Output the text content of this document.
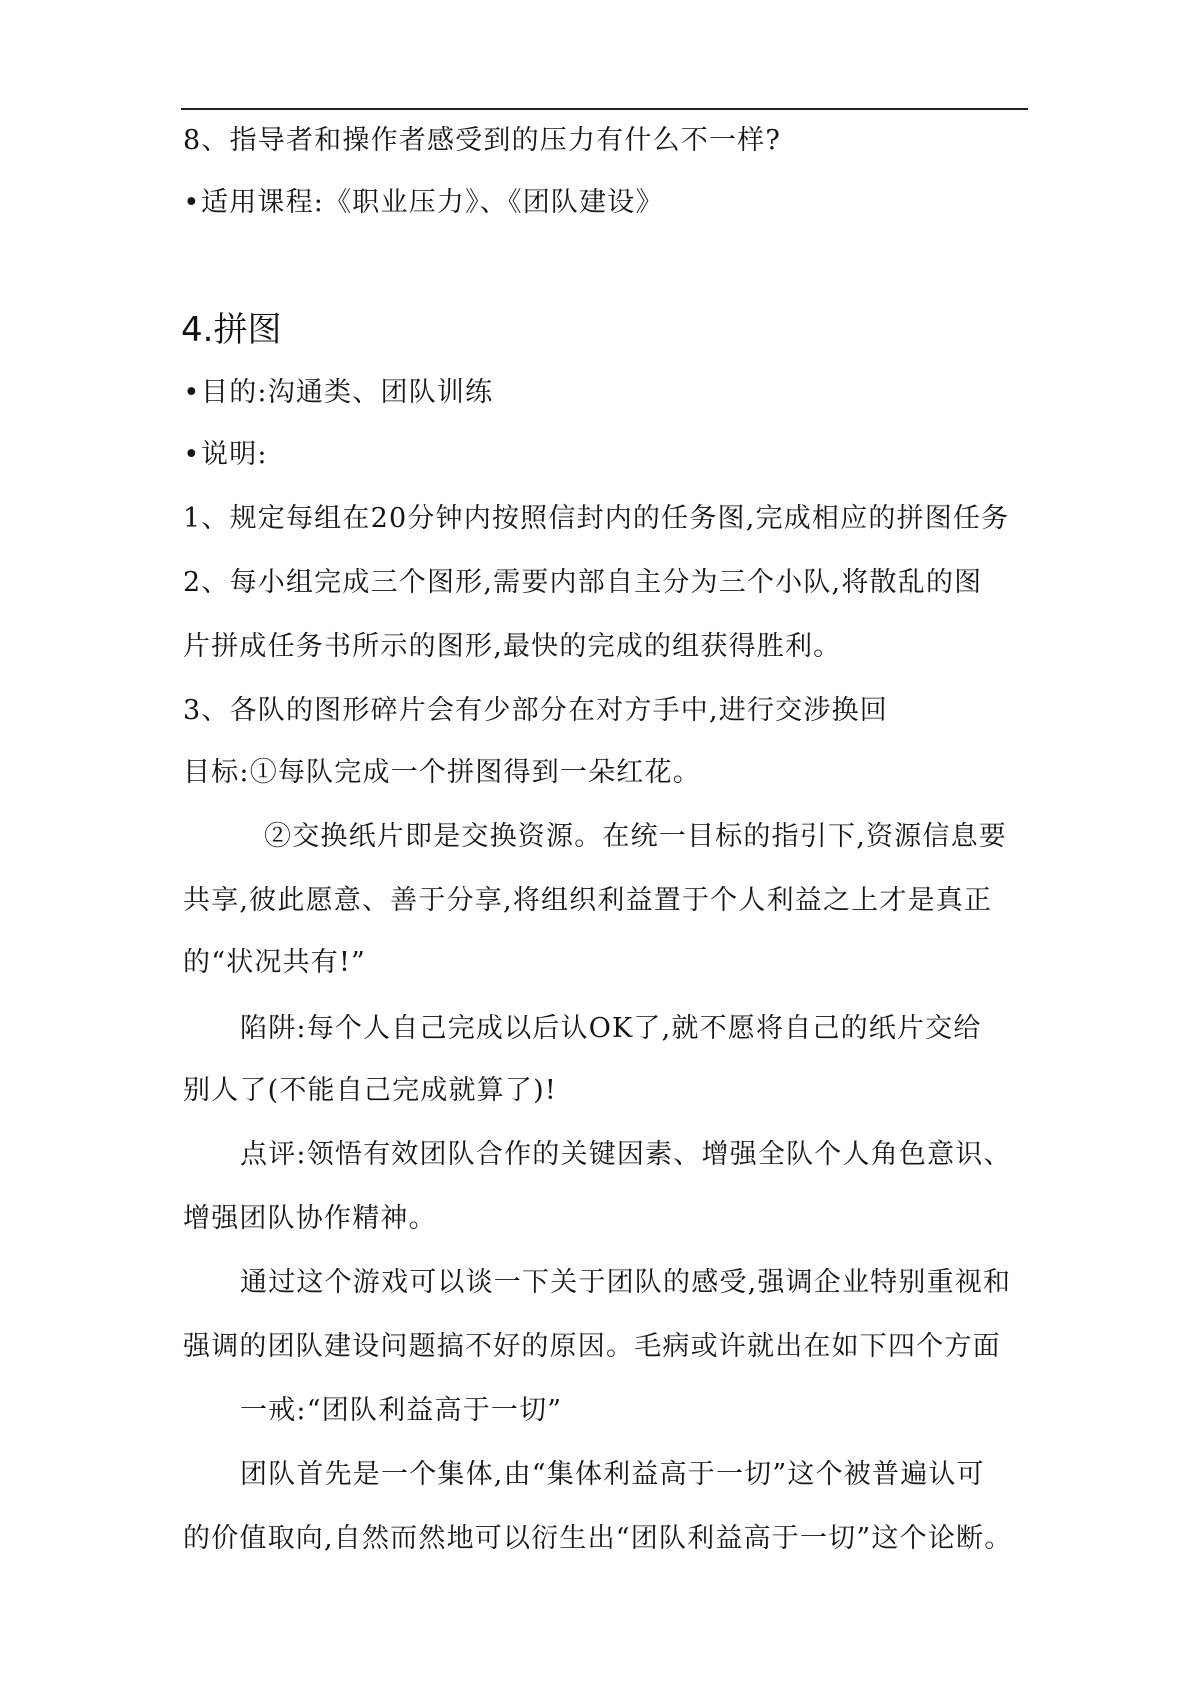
8、指导者和操作者感受到的压力有什么不一样?
•适用课程:《职业压力》、《团队建设》
4.拼图
•目的:沟通类、团队训练
•说明:
1、规定每组在20分钟内按照信封内的任务图,完成相应的拼图任务
2、每小组完成三个图形,需要内部自主分为三个小队,将散乱的图
片拼成任务书所示的图形,最快的完成的组获得胜利。
3、各队的图形碎片会有少部分在对方手中,进行交涉换回
目标:①每队完成一个拼图得到一朵红花。
②交换纸片即是交换资源。在统一目标的指引下,资源信息要
共享,彼此愿意、善于分享,将组织利益置于个人利益之上才是真正
的“状况共有!”
陷阱:每个人自己完成以后认OK了,就不愿将自己的纸片交给
别人了(不能自己完成就算了)!
点评:领悟有效团队合作的关键因素、增强全队个人角色意识、
增强团队协作精神。
通过这个游戏可以谈一下关于团队的感受,强调企业特别重视和
强调的团队建设问题搞不好的原因。毛病或许就出在如下四个方面
一戒:“团队利益高于一切”
团队首先是一个集体,由“集体利益高于一切”这个被普遍认可
的价值取向,自然而然地可以衍生出“团队利益高于一切”这个论断。
